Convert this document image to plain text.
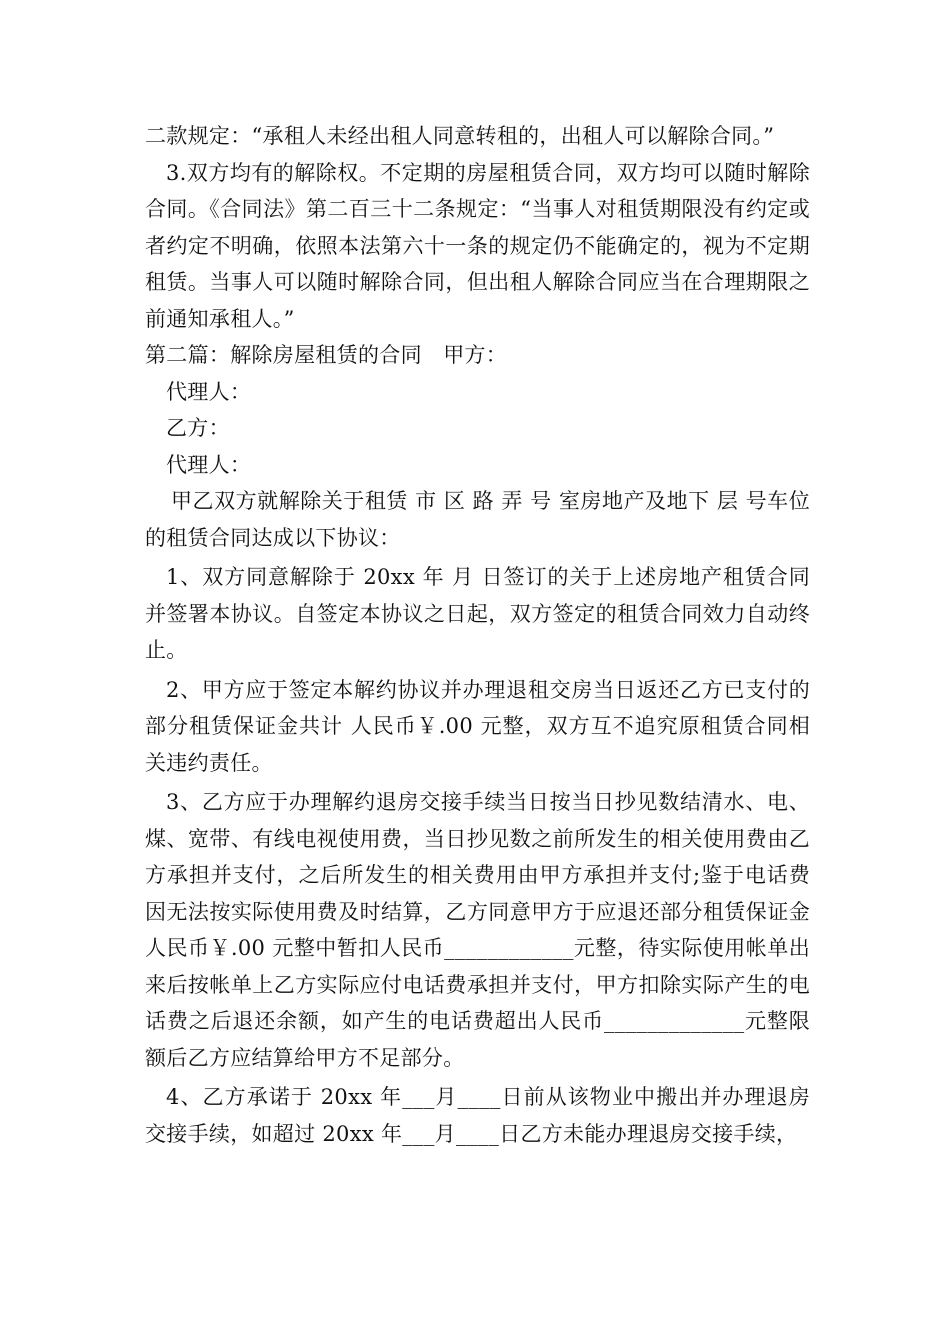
二款规定：“承租人未经出租人同意转租的，出租人可以解除合同。”

3.双方均有的解除权。不定期的房屋租赁合同，双方均可以随时解除合同。《合同法》第二百三十二条规定：“当事人对租赁期限没有约定或者约定不明确，依照本法第六十一条的规定仍不能确定的，视为不定期租赁。当事人可以随时解除合同，但出租人解除合同应当在合理期限之前通知承租人。”

第二篇：解除房屋租赁的合同　甲方：

代理人：

乙方：

代理人：

甲乙双方就解除关于租赁 市 区 路 弄 号 室房地产及地下 层 号车位的租赁合同达成以下协议：

1、双方同意解除于 20xx 年 月 日签订的关于上述房地产租赁合同并签署本协议。自签定本协议之日起，双方签定的租赁合同效力自动终止。

2、甲方应于签定本解约协议并办理退租交房当日返还乙方已支付的部分租赁保证金共计 人民币￥.00 元整，双方互不追究原租赁合同相关违约责任。

3、乙方应于办理解约退房交接手续当日按当日抄见数结清水、电、煤、宽带、有线电视使用费，当日抄见数之前所发生的相关使用费由乙方承担并支付，之后所发生的相关费用由甲方承担并支付;鉴于电话费因无法按实际使用费及时结算，乙方同意甲方于应退还部分租赁保证金人民币￥.00 元整中暂扣人民币____________元整，待实际使用帐单出来后按帐单上乙方实际应付电话费承担并支付，甲方扣除实际产生的电话费之后退还余额，如产生的电话费超出人民币_____________元整限额后乙方应结算给甲方不足部分。

4、乙方承诺于 20xx 年___月____日前从该物业中搬出并办理退房交接手续，如超过 20xx 年___月____日乙方未能办理退房交接手续，
